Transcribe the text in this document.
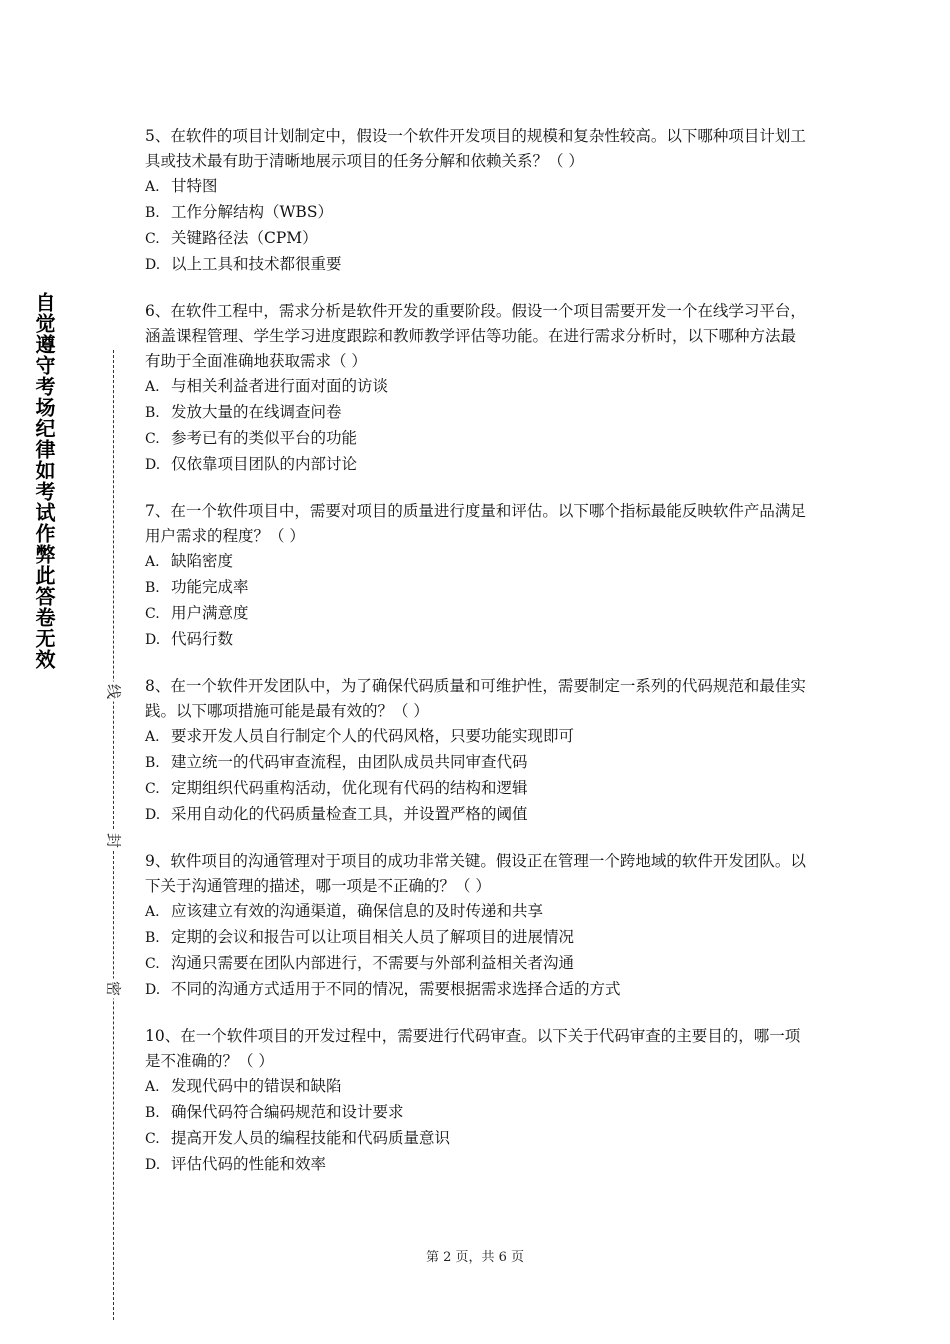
自觉遵守考场纪律如考试作弊此答卷无效
线
封
密

5、在软件的项目计划制定中，假设一个软件开发项目的规模和复杂性较高。以下哪种项目计划工具或技术最有助于清晰地展示项目的任务分解和依赖关系？（ ）

A. 甘特图

B. 工作分解结构（WBS）

C. 关键路径法（CPM）

D. 以上工具和技术都很重要

6、在软件工程中，需求分析是软件开发的重要阶段。假设一个项目需要开发一个在线学习平台，涵盖课程管理、学生学习进度跟踪和教师教学评估等功能。在进行需求分析时，以下哪种方法最有助于全面准确地获取需求（ ）

A. 与相关利益者进行面对面的访谈

B. 发放大量的在线调查问卷

C. 参考已有的类似平台的功能

D. 仅依靠项目团队的内部讨论

7、在一个软件项目中，需要对项目的质量进行度量和评估。以下哪个指标最能反映软件产品满足用户需求的程度？（ ）

A. 缺陷密度

B. 功能完成率

C. 用户满意度

D. 代码行数

8、在一个软件开发团队中，为了确保代码质量和可维护性，需要制定一系列的代码规范和最佳实践。以下哪项措施可能是最有效的？（ ）

A. 要求开发人员自行制定个人的代码风格，只要功能实现即可

B. 建立统一的代码审查流程，由团队成员共同审查代码

C. 定期组织代码重构活动，优化现有代码的结构和逻辑

D. 采用自动化的代码质量检查工具，并设置严格的阈值

9、软件项目的沟通管理对于项目的成功非常关键。假设正在管理一个跨地域的软件开发团队。以下关于沟通管理的描述，哪一项是不正确的？（ ）

A. 应该建立有效的沟通渠道，确保信息的及时传递和共享

B. 定期的会议和报告可以让项目相关人员了解项目的进展情况

C. 沟通只需要在团队内部进行，不需要与外部利益相关者沟通

D. 不同的沟通方式适用于不同的情况，需要根据需求选择合适的方式

10、在一个软件项目的开发过程中，需要进行代码审查。以下关于代码审查的主要目的，哪一项是不准确的？（ ）

A. 发现代码中的错误和缺陷

B. 确保代码符合编码规范和设计要求

C. 提高开发人员的编程技能和代码质量意识

D. 评估代码的性能和效率

第 2 页，共 6 页
